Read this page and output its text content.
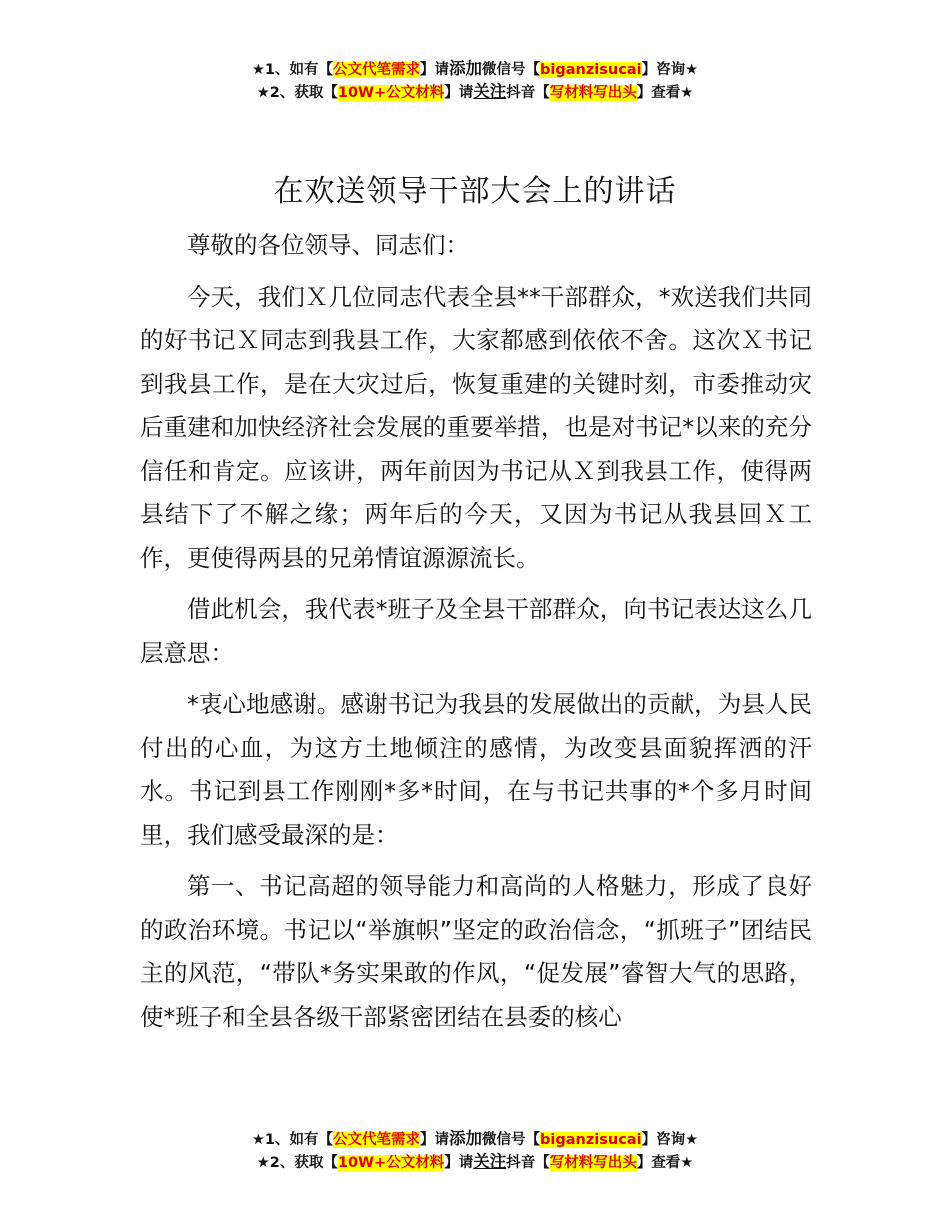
★1、如有【公文代笔需求】请添加微信号【biganzisucai】咨询★
★2、获取【10W+公文材料】请关注抖音【写材料写出头】查看★
在欢送领导干部大会上的讲话

尊敬的各位领导、同志们：

今天，我们Ｘ几位同志代表全县**干部群众，*欢送我们共同的好书记Ｘ同志到我县工作，大家都感到依依不舍。这次Ｘ书记到我县工作，是在大灾过后，恢复重建的关键时刻，市委推动灾后重建和加快经济社会发展的重要举措，也是对书记*以来的充分信任和肯定。应该讲，两年前因为书记从Ｘ到我县工作，使得两县结下了不解之缘；两年后的今天，又因为书记从我县回Ｘ工作，更使得两县的兄弟情谊源源流长。

借此机会，我代表*班子及全县干部群众，向书记表达这么几层意思：

*衷心地感谢。感谢书记为我县的发展做出的贡献，为县人民付出的心血，为这方土地倾注的感情，为改变县面貌挥洒的汗水。书记到县工作刚刚*多*时间，在与书记共事的*个多月时间里，我们感受最深的是：

第一、书记高超的领导能力和高尚的人格魅力，形成了良好的政治环境。书记以“举旗帜”坚定的政治信念，“抓班子”团结民主的风范，“带队*务实果敢的作风，“促发展”睿智大气的思路，使*班子和全县各级干部紧密团结在县委的核心

★1、如有【公文代笔需求】请添加微信号【biganzisucai】咨询★
★2、获取【10W+公文材料】请关注抖音【写材料写出头】查看★
